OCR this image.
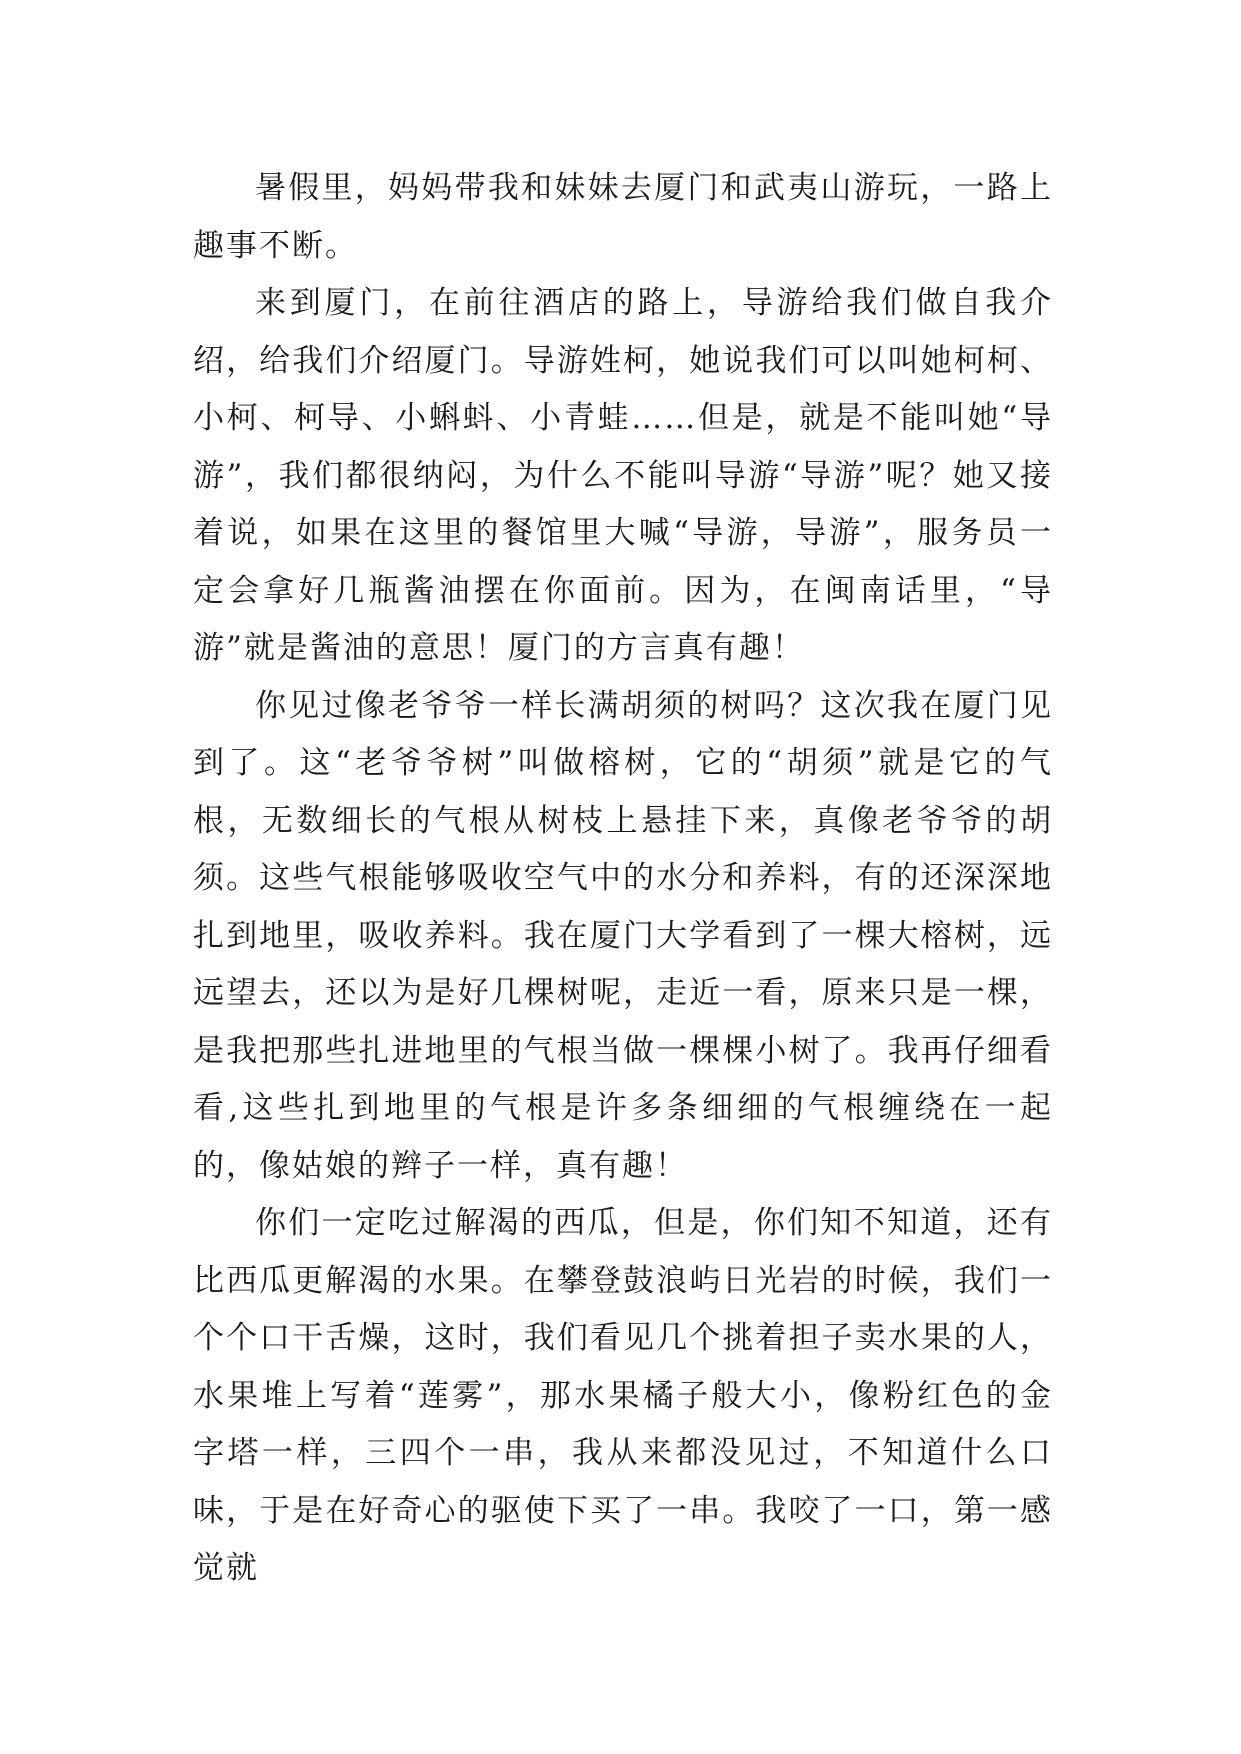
暑假里，妈妈带我和妹妹去厦门和武夷山游玩，一路上趣事不断。

来到厦门，在前往酒店的路上，导游给我们做自我介绍，给我们介绍厦门。导游姓柯，她说我们可以叫她柯柯、小柯、柯导、小蝌蚪、小青蛙……但是，就是不能叫她“导游”，我们都很纳闷，为什么不能叫导游“导游”呢？她又接着说，如果在这里的餐馆里大喊“导游，导游”，服务员一定会拿好几瓶酱油摆在你面前。因为，在闽南话里，“导游”就是酱油的意思！厦门的方言真有趣！

你见过像老爷爷一样长满胡须的树吗？这次我在厦门见到了。这“老爷爷树”叫做榕树，它的“胡须”就是它的气根，无数细长的气根从树枝上悬挂下来，真像老爷爷的胡须。这些气根能够吸收空气中的水分和养料，有的还深深地扎到地里，吸收养料。我在厦门大学看到了一棵大榕树，远远望去，还以为是好几棵树呢，走近一看，原来只是一棵，是我把那些扎进地里的气根当做一棵棵小树了。我再仔细看看,这些扎到地里的气根是许多条细细的气根缠绕在一起的，像姑娘的辫子一样，真有趣！

你们一定吃过解渴的西瓜，但是，你们知不知道，还有比西瓜更解渴的水果。在攀登鼓浪屿日光岩的时候，我们一个个口干舌燥，这时，我们看见几个挑着担子卖水果的人，水果堆上写着“莲雾”，那水果橘子般大小，像粉红色的金字塔一样，三四个一串，我从来都没见过，不知道什么口味，于是在好奇心的驱使下买了一串。我咬了一口，第一感觉就
